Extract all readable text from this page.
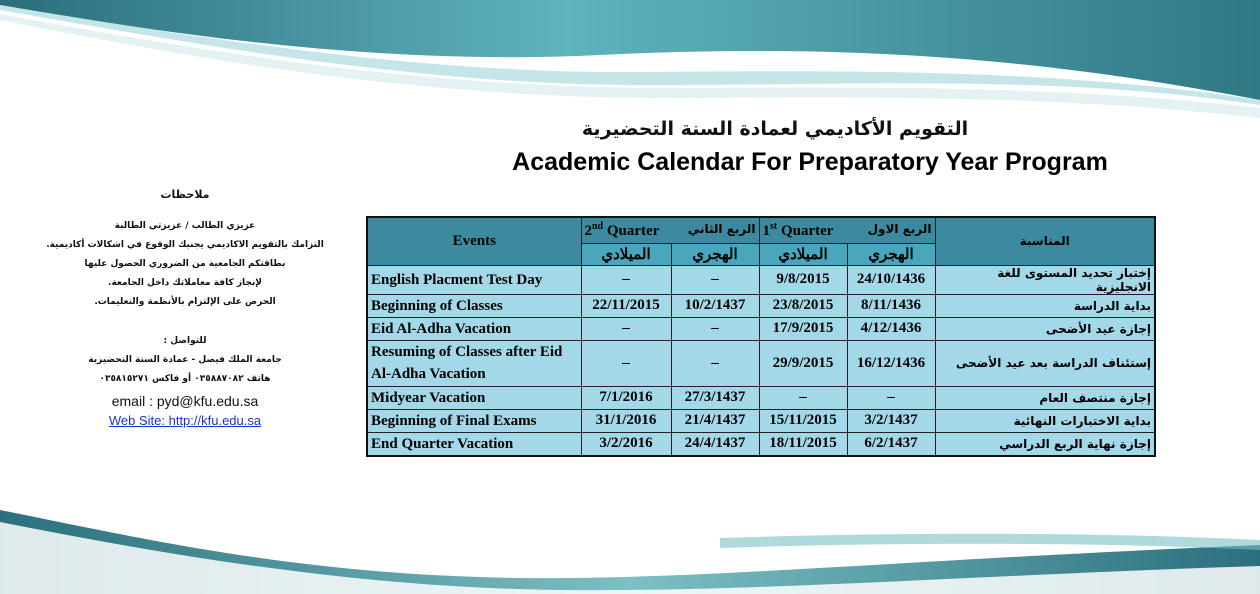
التقويم الأكاديمي لعمادة السنة التحضيرية
Academic Calendar For Preparatory Year Program
ملاحظات
عزيزي الطالب / عزيزتي الطالبة
التزامك بالتقويم الاكاديمي يجنبك الوقوع في اشكالات أكاديمية.
بطاقتكم الجامعية من الضروري الحصول عليها
لإنجاز كافة معاملاتك داخل الجامعة.
الحرص على الإلتزام بالأنظمة والتعليمات.
للتواصل :
جامعة الملك فيصل - عمادة السنة التحضيرية
هاتف ٠٣٥٨٨٧٠٨٢ أو فاكس ٠٣٥٨١٥٢٧١
email : pyd@kfu.edu.sa
Web Site: http://kfu.edu.sa
Events	2nd Quarter الربع الثاني		1st Quarter الربع الاول		المناسبة
	الميلادي	الهجري	الميلادي	الهجري	
English Placment Test Day	–	–	9/8/2015	24/10/1436	إختبار تحديد المستوى للغة الانجليزية
Beginning of Classes	22/11/2015	10/2/1437	23/8/2015	8/11/1436	بداية الدراسة
Eid Al-Adha Vacation	–	–	17/9/2015	4/12/1436	إجازة عيد الأضحى
Resuming of Classes after Eid Al-Adha Vacation	–	–	29/9/2015	16/12/1436	إستئناف الدراسة بعد عيد الأضحى
Midyear Vacation	7/1/2016	27/3/1437	–	–	إجازة منتصف العام
Beginning of Final Exams	31/1/2016	21/4/1437	15/11/2015	3/2/1437	بداية الاختبارات النهائية
End Quarter Vacation	3/2/2016	24/4/1437	18/11/2015	6/2/1437	إجازة نهاية الربع الدراسي
